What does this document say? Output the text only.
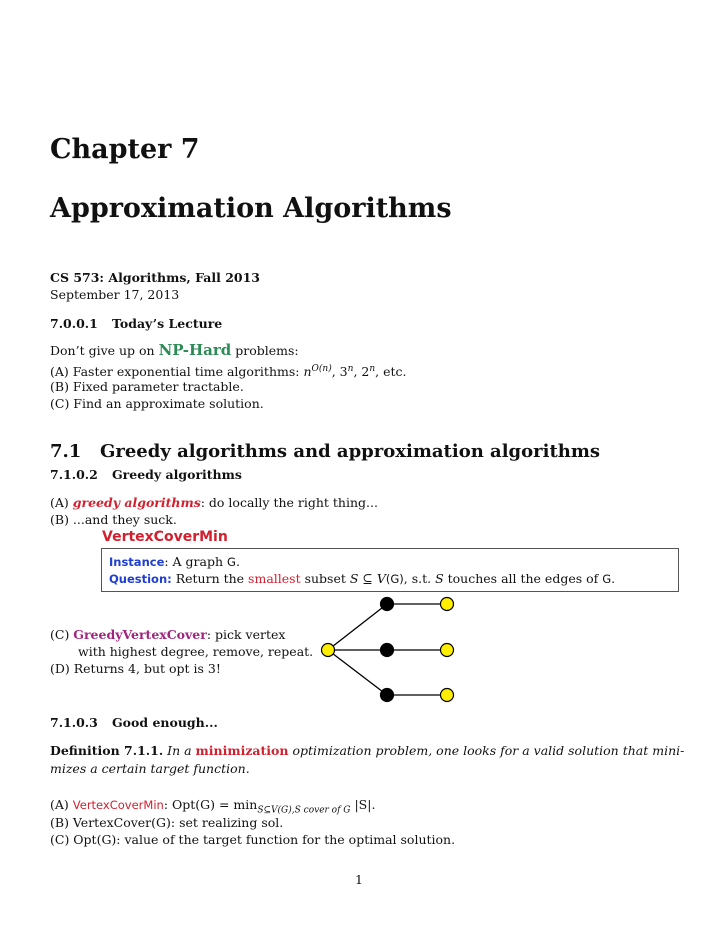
Chapter 7
Approximation Algorithms
CS 573: Algorithms, Fall 2013
September 17, 2013
7.0.0.1 Today’s Lecture
Don’t give up on NP-Hard problems:
(A) Faster exponential time algorithms: $n^{O(n)}$, 3$^n$, 2$^n$, etc.
(B) Fixed parameter tractable.
(C) Find an approximate solution.
7.1 Greedy algorithms and approximation algorithms
7.1.0.2 Greedy algorithms
(A) greedy algorithms: do locally the right thing...
(B) ...and they suck.
VertexCoverMin
Instance: A graph G.
Question: Return the smallest subset S ⊆ V(G), s.t. S touches all the edges of G.
(C) GreedyVertexCover: pick vertex
with highest degree, remove, repeat.
(D) Returns 4, but opt is 3!
7.1.0.3 Good enough...
Definition 7.1.1. In a minimization optimization problem, one looks for a valid solution that mini-
mizes a certain target function.
(A) VertexCoverMin: $Opt(G) = \min_{S⊆V(G),S cover of G} |S|$.
(B) VertexCover(G): set realizing sol.
(C) Opt(G): value of the target function for the optimal solution.
1
